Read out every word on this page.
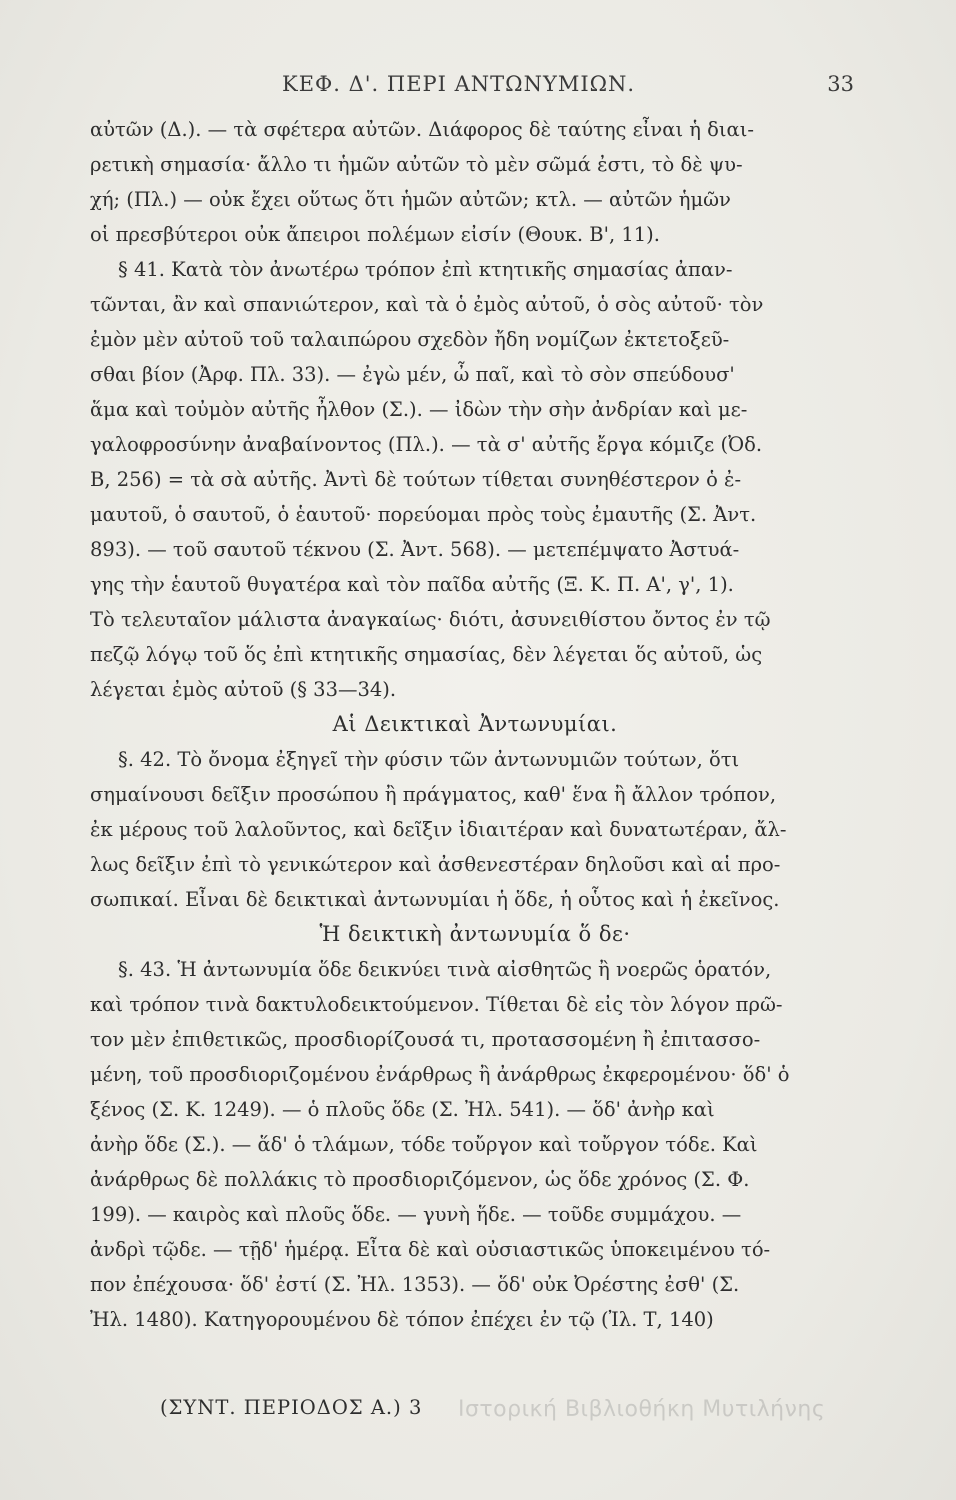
ΚΕΦ. Δ'. ΠΕΡΙ ΑΝΤΩΝΥΜΙΩΝ.	33
αὐτῶν (Δ.). — τὰ σφέτερα αὐτῶν. Διάφορος δὲ ταύτης εἶναι ἡ διαι-
ρετικὴ σημασία· ἄλλο τι ἡμῶν αὐτῶν τὸ μὲν σῶμά ἐστι, τὸ δὲ ψυ-
χή; (Πλ.) — οὐκ ἔχει οὕτως ὅτι ἡμῶν αὐτῶν; κτλ. — αὐτῶν ἡμῶν
οἱ πρεσβύτεροι οὐκ ἄπειροι πολέμων εἰσίν (Θουκ. Β', 11).
§ 41. Κατὰ τὸν ἀνωτέρω τρόπον ἐπὶ κτητικῆς σημασίας ἀπαν-
τῶνται, ἂν καὶ σπανιώτερον, καὶ τὰ ὁ ἐμὸς αὐτοῦ, ὁ σὸς αὐτοῦ· τὸν
ἐμὸν μὲν αὐτοῦ τοῦ ταλαιπώρου σχεδὸν ἤδη νομίζων ἐκτετοξεῦ-
σθαι βίον (Ἀρφ. Πλ. 33). — ἐγὼ μέν, ὦ παῖ, καὶ τὸ σὸν σπεύδουσ'
ἅμα καὶ τοὐμὸν αὐτῆς ἦλθον (Σ.). — ἰδὼν τὴν σὴν ἀνδρίαν καὶ με-
γαλοφροσύνην ἀναβαίνοντος (Πλ.). — τὰ σ' αὐτῆς ἔργα κόμιζε (Ὀδ.
Β, 256) = τὰ σὰ αὐτῆς. Ἀντὶ δὲ τούτων τίθεται συνηθέστερον ὁ ἐ-
μαυτοῦ, ὁ σαυτοῦ, ὁ ἑαυτοῦ· πορεύομαι πρὸς τοὺς ἐμαυτῆς (Σ. Ἀντ.
893). — τοῦ σαυτοῦ τέκνου (Σ. Ἀντ. 568). — μετεπέμψατο Ἀστυά-
γης τὴν ἑαυτοῦ θυγατέρα καὶ τὸν παῖδα αὐτῆς (Ξ. Κ. Π. Α', γ', 1).
Τὸ τελευταῖον μάλιστα ἀναγκαίως· διότι, ἀσυνειθίστου ὄντος ἐν τῷ
πεζῷ λόγῳ τοῦ ὅς ἐπὶ κτητικῆς σημασίας, δὲν λέγεται ὅς αὐτοῦ, ὡς
λέγεται ἐμὸς αὐτοῦ (§ 33—34).
Αἱ Δεικτικαὶ Ἀντωνυμίαι.
§. 42. Τὸ ὄνομα ἐξηγεῖ τὴν φύσιν τῶν ἀντωνυμιῶν τούτων, ὅτι
σημαίνουσι δεῖξιν προσώπου ἢ πράγματος, καθ' ἕνα ἢ ἄλλον τρόπον,
ἐκ μέρους τοῦ λαλοῦντος, καὶ δεῖξιν ἰδιαιτέραν καὶ δυνατωτέραν, ἄλ-
λως δεῖξιν ἐπὶ τὸ γενικώτερον καὶ ἀσθενεστέραν δηλοῦσι καὶ αἱ προ-
σωπικαί. Εἶναι δὲ δεικτικαὶ ἀντωνυμίαι ἡ ὅδε, ἡ οὗτος καὶ ἡ ἐκεῖνος.
Ἡ δεικτικὴ ἀντωνυμία ὅ δε·
§. 43. Ἡ ἀντωνυμία ὅδε δεικνύει τινὰ αἰσθητῶς ἢ νοερῶς ὁρατόν,
καὶ τρόπον τινὰ δακτυλοδεικτούμενον. Τίθεται δὲ εἰς τὸν λόγον πρῶ-
τον μὲν ἐπιθετικῶς, προσδιορίζουσά τι, προτασσομένη ἢ ἐπιτασσο-
μένη, τοῦ προσδιοριζομένου ἐνάρθρως ἢ ἀνάρθρως ἐκφερομένου· ὅδ' ὁ
ξένος (Σ. Κ. 1249). — ὁ πλοῦς ὅδε (Σ. Ἠλ. 541). — ὅδ' ἀνὴρ καὶ
ἀνὴρ ὅδε (Σ.). — ἅδ' ὁ τλάμων, τόδε τοὔργον καὶ τοὔργον τόδε. Καὶ
ἀνάρθρως δὲ πολλάκις τὸ προσδιοριζόμενον, ὡς ὅδε χρόνος (Σ. Φ.
199). — καιρὸς καὶ πλοῦς ὅδε. — γυνὴ ἥδε. — τοῦδε συμμάχου. —
ἀνδρὶ τῷδε. — τῇδ' ἡμέρᾳ. Εἶτα δὲ καὶ οὐσιαστικῶς ὑποκειμένου τό-
πον ἐπέχουσα· ὅδ' ἐστί (Σ. Ἠλ. 1353). — ὅδ' οὐκ Ὀρέστης ἐσθ' (Σ.
Ἠλ. 1480). Κατηγορουμένου δὲ τόπον ἐπέχει ἐν τῷ (Ἰλ. Τ, 140)
(ΣΥΝΤ. ΠΕΡΙΟΔΟΣ Α.) 3 Ιστορική Βιβλιοθήκη Μυτιλήνης
